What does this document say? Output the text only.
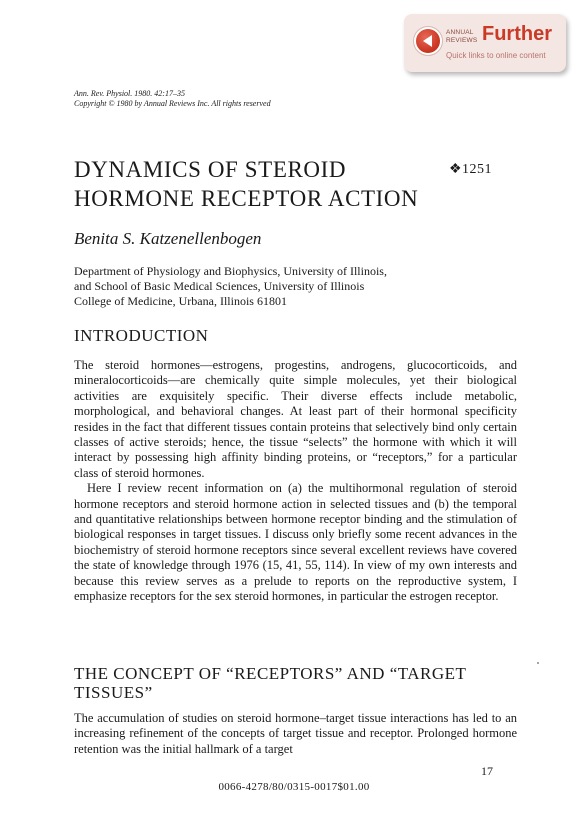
ANNUAL
REVIEWS Further
Quick links to online content
Ann. Rev. Physiol. 1980. 42:17–35
Copyright © 1980 by Annual Reviews Inc. All rights reserved
DYNAMICS OF STEROID
HORMONE RECEPTOR ACTION
❖1251
Benita S. Katzenellenbogen
Department of Physiology and Biophysics, University of Illinois,
and School of Basic Medical Sciences, University of Illinois
College of Medicine, Urbana, Illinois 61801
INTRODUCTION

The steroid hormones—estrogens, progestins, androgens, glucocorticoids, and mineralocorticoids—are chemically quite simple molecules, yet their biological activities are exquisitely specific. Their diverse effects include metabolic, morphological, and behavioral changes. At least part of their hormonal specificity resides in the fact that different tissues contain proteins that selectively bind only certain classes of active steroids; hence, the tissue “selects” the hormone with which it will interact by possessing high affinity binding proteins, or “receptors,” for a particular class of steroid hormones.

Here I review recent information on (a) the multihormonal regulation of steroid hormone receptors and steroid hormone action in selected tissues and (b) the temporal and quantitative relationships between hormone receptor binding and the stimulation of biological responses in target tissues. I discuss only briefly some recent advances in the biochemistry of steroid hormone receptors since several excellent reviews have covered the state of knowledge through 1976 (15, 41, 55, 114). In view of my own interests and because this review serves as a prelude to reports on the reproductive system, I emphasize receptors for the sex steroid hormones, in particular the estrogen receptor.

THE CONCEPT OF “RECEPTORS” AND “TARGET
TISSUES”

The accumulation of studies on steroid hormone–target tissue interactions has led to an increasing refinement of the concepts of target tissue and receptor. Prolonged hormone retention was the initial hallmark of a target

17
0066-4278/80/0315-0017$01.00
